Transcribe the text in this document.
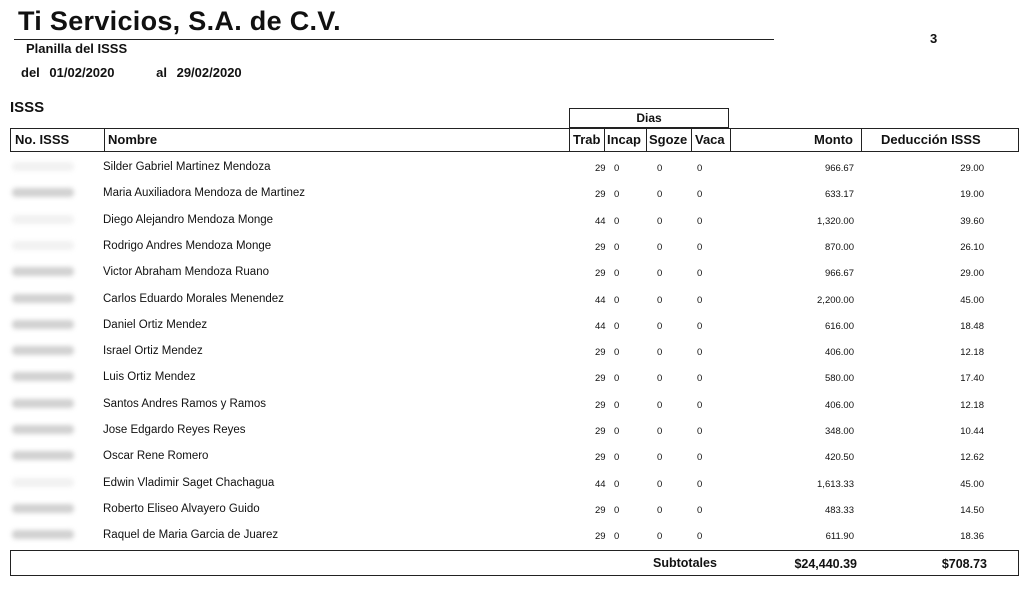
Ti Servicios, S.A. de C.V.
3
Planilla del ISSS
del 01/02/2020	al 29/02/2020
ISSS
Dias
No. ISSS	Nombre	Trab Incap Sgoze Vaca	Monto Deducción ISSS
Silder Gabriel Martinez Mendoza	29 0	0	0	966.67	29.00
Maria Auxiliadora Mendoza de Martinez	29 0	0	0	633.17	19.00
Diego Alejandro Mendoza Monge	44 0	0	0	1,320.00	39.60
Rodrigo Andres Mendoza Monge	29 0	0	0	870.00	26.10
Victor Abraham Mendoza Ruano	29 0	0	0	966.67	29.00
Carlos Eduardo Morales Menendez	44 0	0	0	2,200.00	45.00
Daniel Ortiz Mendez	44 0	0	0	616.00	18.48
Israel Ortiz Mendez	29 0	0	0	406.00	12.18
Luis Ortiz Mendez	29 0	0	0	580.00	17.40
Santos Andres Ramos y Ramos	29 0	0	0	406.00	12.18
Jose Edgardo Reyes Reyes	29 0	0	0	348.00	10.44
Oscar Rene Romero	29 0	0	0	420.50	12.62
Edwin Vladimir Saget Chachagua	44 0	0	0	1,613.33	45.00
Roberto Eliseo Alvayero Guido	29 0	0	0	483.33	14.50
Raquel de Maria Garcia de Juarez	29 0	0	0	611.90	18.36
Subtotales	$24,440.39	$708.73
